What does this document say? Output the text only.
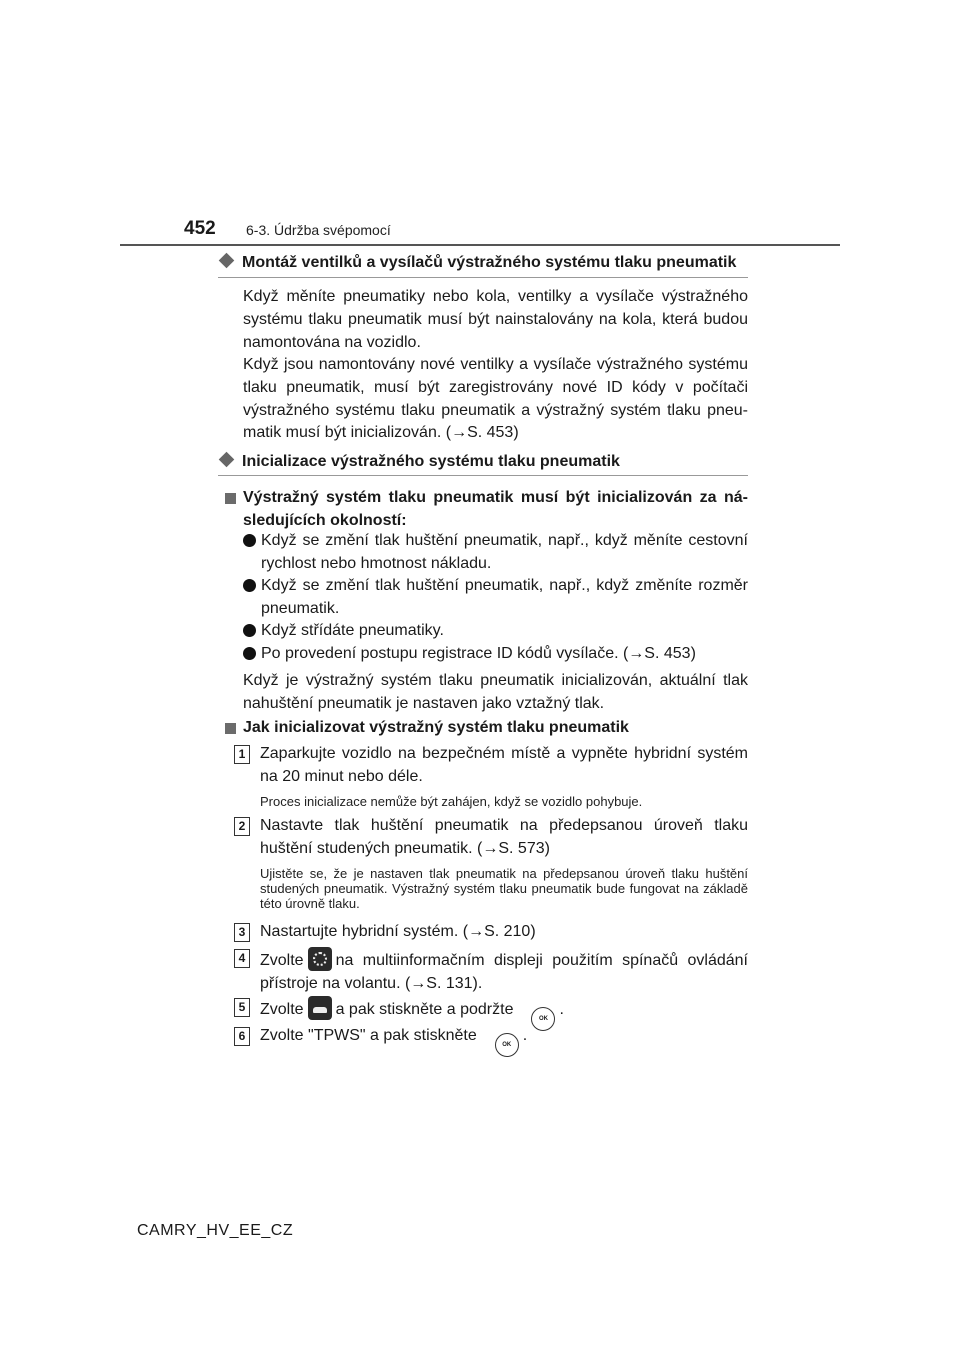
452 6-3. Údržba svépomocí
Montáž ventilků a vysílačů výstražného systému tlaku pneumatik
Když měníte pneumatiky nebo kola, ventilky a vysílače výstražného systému tlaku pneumatik musí být nainstalovány na kola, která budou namontována na vozidlo.
Když jsou namontovány nové ventilky a vysílače výstražného systému tlaku pneumatik, musí být zaregistrovány nové ID kódy v počítači výstražného systému tlaku pneumatik a výstražný systém tlaku pneu-matik musí být inicializován. (→S. 453)
Inicializace výstražného systému tlaku pneumatik
Výstražný systém tlaku pneumatik musí být inicializován za ná-sledujících okolností:
Když se změní tlak huštění pneumatik, např., když měníte cestovní rychlost nebo hmotnost nákladu.
Když se změní tlak huštění pneumatik, např., když změníte rozměr pneumatik.
Když střídáte pneumatiky.
Po provedení postupu registrace ID kódů vysílače. (→S. 453)
Když je výstražný systém tlaku pneumatik inicializován, aktuální tlak nahuštění pneumatik je nastaven jako vztažný tlak.
Jak inicializovat výstražný systém tlaku pneumatik
1 Zaparkujte vozidlo na bezpečném místě a vypněte hybridní systém na 20 minut nebo déle.
Proces inicializace nemůže být zahájen, když se vozidlo pohybuje.
2 Nastavte tlak huštění pneumatik na předepsanou úroveň tlaku huštění studených pneumatik. (→S. 573)
Ujistěte se, že je nastaven tlak pneumatik na předepsanou úroveň tlaku huštění studených pneumatik. Výstražný systém tlaku pneumatik bude fungovat na základě této úrovně tlaku.
3 Nastartujte hybridní systém. (→S. 210)
4 Zvolte na multiinformačním displeji použitím spínačů ovládání přístroje na volantu. (→S. 131).
5 Zvolte a pak stiskněte a podržteOK.
6 Zvolte "TPWS" a pak stiskněteOK.
CAMRY_HV_EE_CZ
